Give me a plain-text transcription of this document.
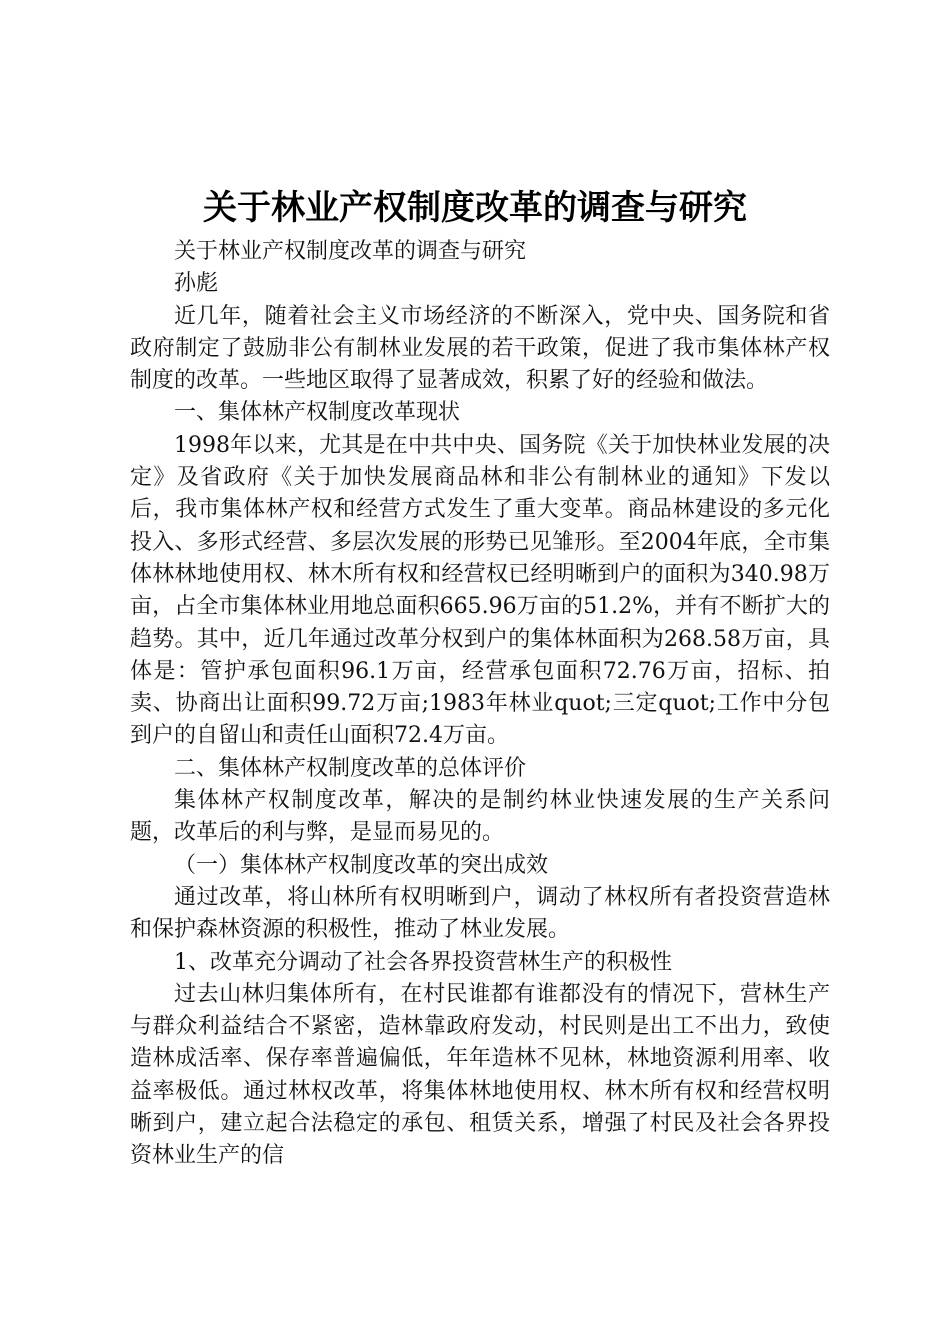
关于林业产权制度改革的调查与研究

关于林业产权制度改革的调查与研究

孙彪

近几年，随着社会主义市场经济的不断深入，党中央、国务院和省政府制定了鼓励非公有制林业发展的若干政策，促进了我市集体林产权制度的改革。一些地区取得了显著成效，积累了好的经验和做法。

一、集体林产权制度改革现状

1998年以来，尤其是在中共中央、国务院《关于加快林业发展的决定》及省政府《关于加快发展商品林和非公有制林业的通知》下发以后，我市集体林产权和经营方式发生了重大变革。商品林建设的多元化投入、多形式经营、多层次发展的形势已见雏形。至2004年底，全市集体林林地使用权、林木所有权和经营权已经明晰到户的面积为340.98万亩，占全市集体林业用地总面积665.96万亩的51.2%，并有不断扩大的趋势。其中，近几年通过改革分权到户的集体林面积为268.58万亩，具体是：管护承包面积96.1万亩，经营承包面积72.76万亩，招标、拍卖、协商出让面积99.72万亩;1983年林业quot;三定quot;工作中分包到户的自留山和责任山面积72.4万亩。

二、集体林产权制度改革的总体评价

集体林产权制度改革，解决的是制约林业快速发展的生产关系问题，改革后的利与弊，是显而易见的。

（一）集体林产权制度改革的突出成效

通过改革，将山林所有权明晰到户，调动了林权所有者投资营造林和保护森林资源的积极性，推动了林业发展。

1、改革充分调动了社会各界投资营林生产的积极性

过去山林归集体所有，在村民谁都有谁都没有的情况下，营林生产与群众利益结合不紧密，造林靠政府发动，村民则是出工不出力，致使造林成活率、保存率普遍偏低，年年造林不见林，林地资源利用率、收益率极低。通过林权改革，将集体林地使用权、林木所有权和经营权明晰到户，建立起合法稳定的承包、租赁关系，增强了村民及社会各界投资林业生产的信
